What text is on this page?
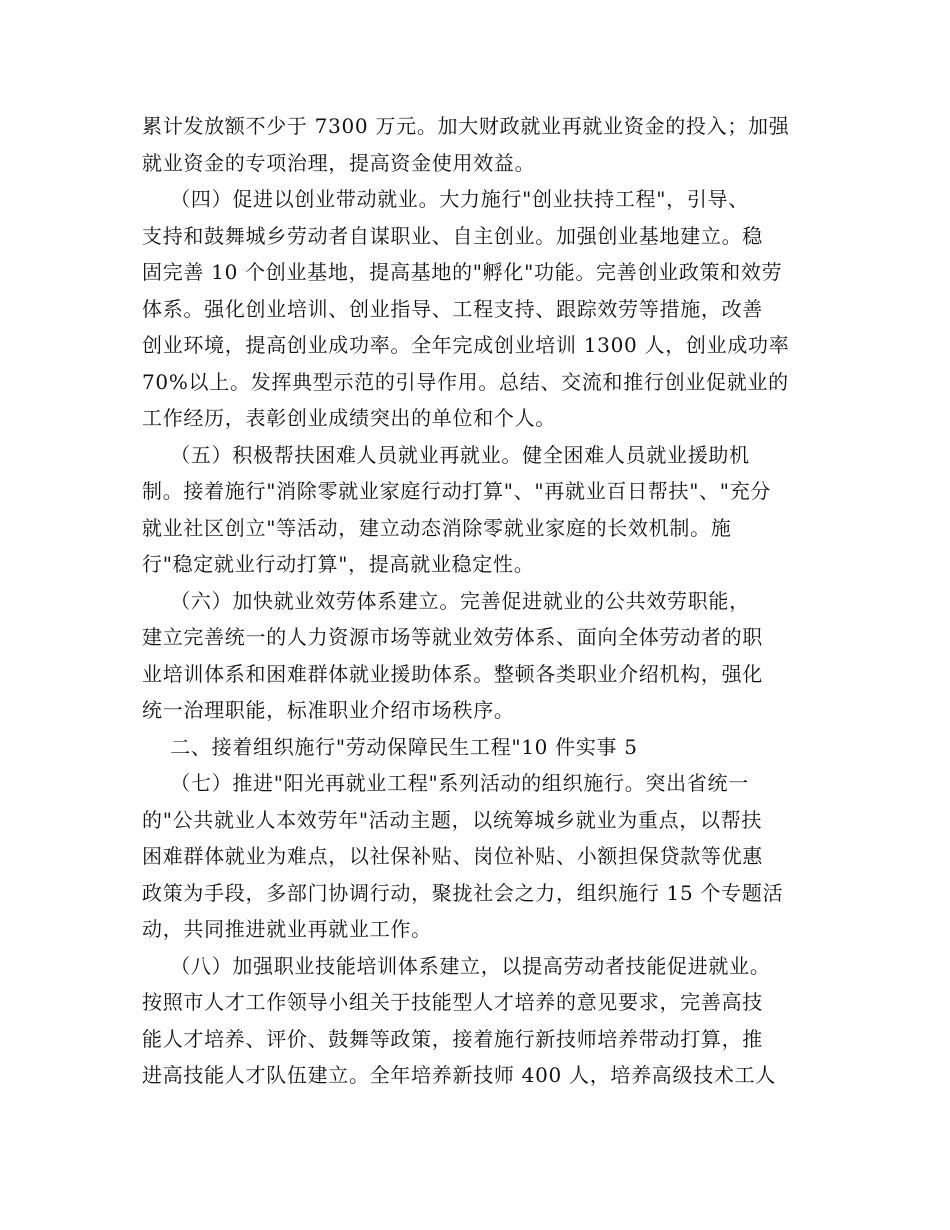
累计发放额不少于 7300 万元。加大财政就业再就业资金的投入；加强
就业资金的专项治理，提高资金使用效益。
（四）促进以创业带动就业。大力施行"创业扶持工程"，引导、
支持和鼓舞城乡劳动者自谋职业、自主创业。加强创业基地建立。稳
固完善 10 个创业基地，提高基地的"孵化"功能。完善创业政策和效劳
体系。强化创业培训、创业指导、工程支持、跟踪效劳等措施，改善
创业环境，提高创业成功率。全年完成创业培训 1300 人，创业成功率
70%以上。发挥典型示范的引导作用。总结、交流和推行创业促就业的
工作经历，表彰创业成绩突出的单位和个人。
（五）积极帮扶困难人员就业再就业。健全困难人员就业援助机
制。接着施行"消除零就业家庭行动打算"、"再就业百日帮扶"、"充分
就业社区创立"等活动，建立动态消除零就业家庭的长效机制。施
行"稳定就业行动打算"，提高就业稳定性。
（六）加快就业效劳体系建立。完善促进就业的公共效劳职能，
建立完善统一的人力资源市场等就业效劳体系、面向全体劳动者的职
业培训体系和困难群体就业援助体系。整顿各类职业介绍机构，强化
统一治理职能，标准职业介绍市场秩序。
二、接着组织施行"劳动保障民生工程"10 件实事 5
（七）推进"阳光再就业工程"系列活动的组织施行。突出省统一
的"公共就业人本效劳年"活动主题，以统筹城乡就业为重点，以帮扶
困难群体就业为难点，以社保补贴、岗位补贴、小额担保贷款等优惠
政策为手段，多部门协调行动，聚拢社会之力，组织施行 15 个专题活
动，共同推进就业再就业工作。
（八）加强职业技能培训体系建立，以提高劳动者技能促进就业。
按照市人才工作领导小组关于技能型人才培养的意见要求，完善高技
能人才培养、评价、鼓舞等政策，接着施行新技师培养带动打算，推
进高技能人才队伍建立。全年培养新技师 400 人，培养高级技术工人
